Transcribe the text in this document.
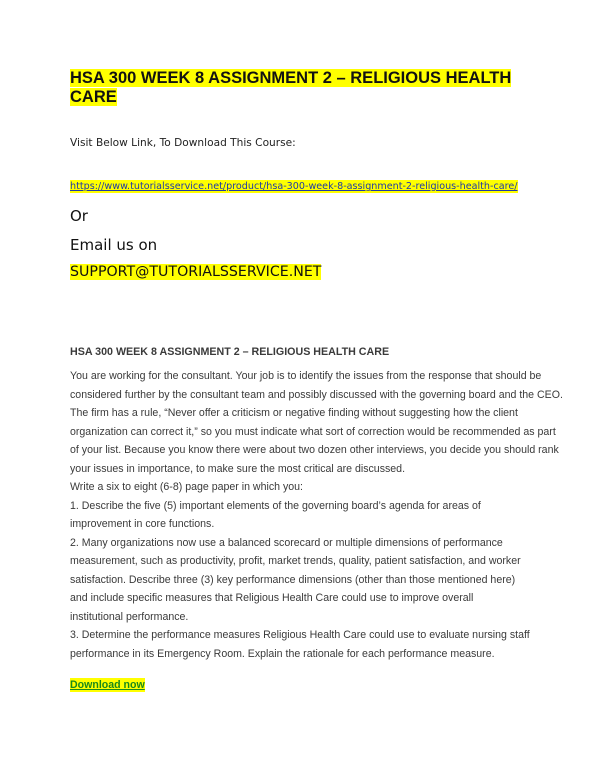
HSA 300 WEEK 8 ASSIGNMENT 2 – RELIGIOUS HEALTH CARE

Visit Below Link, To Download This Course:

https://www.tutorialsservice.net/product/hsa-300-week-8-assignment-2-religious-health-care/

Or

Email us on

SUPPORT@TUTORIALSSERVICE.NET

HSA 300 WEEK 8 ASSIGNMENT 2 – RELIGIOUS HEALTH CARE
You are working for the consultant. Your job is to identify the issues from the response that should be
considered further by the consultant team and possibly discussed with the governing board and the CEO.
The firm has a rule, “Never offer a criticism or negative finding without suggesting how the client
organization can correct it,” so you must indicate what sort of correction would be recommended as part
of your list. Because you know there were about two dozen other interviews, you decide you should rank
your issues in importance, to make sure the most critical are discussed.
Write a six to eight (6-8) page paper in which you:
1. Describe the five (5) important elements of the governing board’s agenda for areas of
improvement in core functions.
2. Many organizations now use a balanced scorecard or multiple dimensions of performance
measurement, such as productivity, profit, market trends, quality, patient satisfaction, and worker
satisfaction. Describe three (3) key performance dimensions (other than those mentioned here)
and include specific measures that Religious Health Care could use to improve overall
institutional performance.
3. Determine the performance measures Religious Health Care could use to evaluate nursing staff
performance in its Emergency Room. Explain the rationale for each performance measure.
Download now
